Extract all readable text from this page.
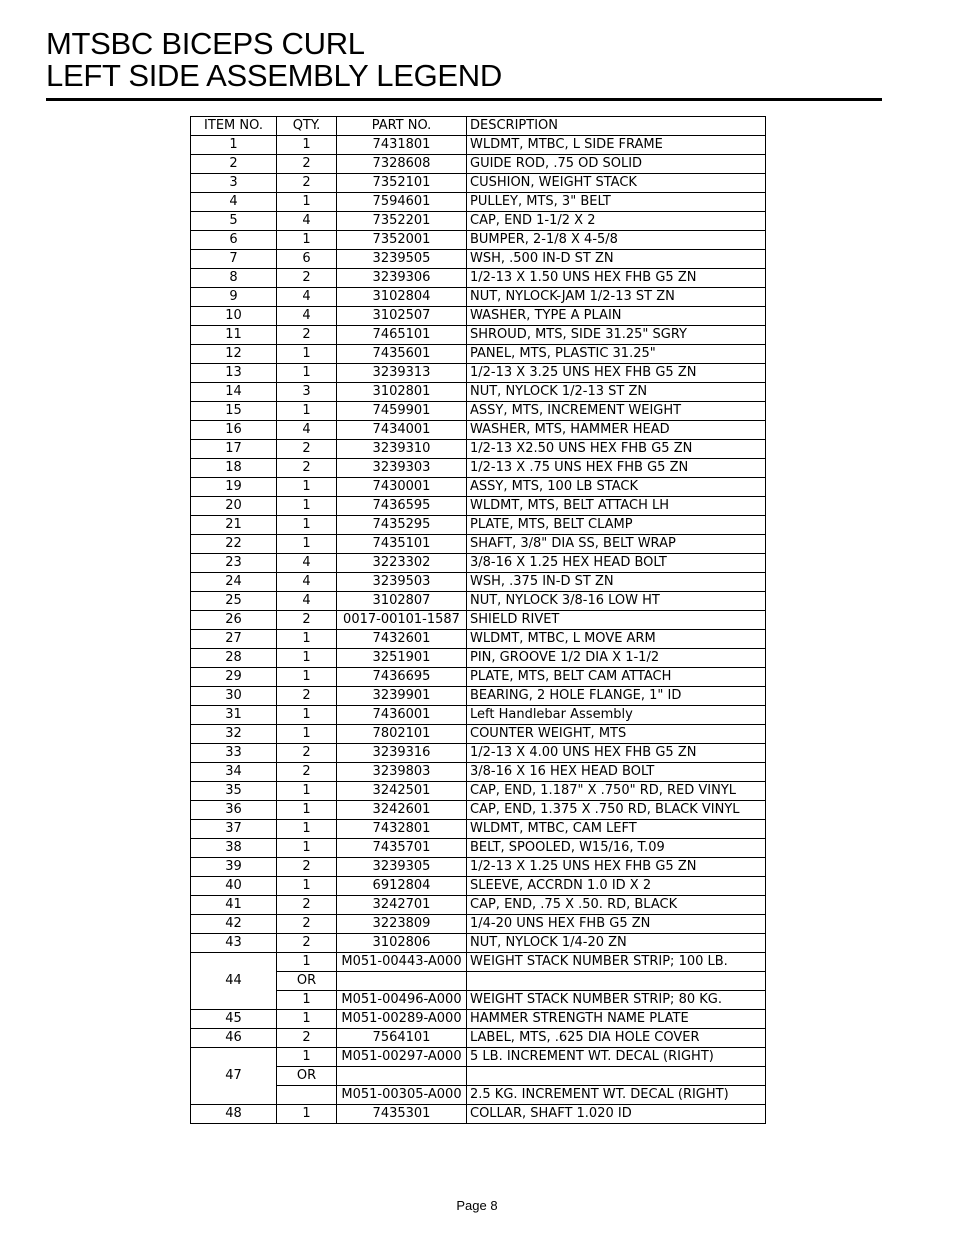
MTSBC BICEPS CURL
LEFT SIDE ASSEMBLY LEGEND
ITEM NO.	QTY.	PART NO.	DESCRIPTION
1	1	7431801	WLDMT, MTBC, L SIDE FRAME
2	2	7328608	GUIDE ROD, .75 OD SOLID
3	2	7352101	CUSHION, WEIGHT STACK
4	1	7594601	PULLEY, MTS, 3" BELT
5	4	7352201	CAP, END 1-1/2 X 2
6	1	7352001	BUMPER, 2-1/8 X 4-5/8
7	6	3239505	WSH, .500 IN-D ST ZN
8	2	3239306	1/2-13 X 1.50 UNS HEX FHB G5 ZN
9	4	3102804	NUT, NYLOCK-JAM 1/2-13 ST ZN
10	4	3102507	WASHER, TYPE A PLAIN
11	2	7465101	SHROUD, MTS, SIDE 31.25" SGRY
12	1	7435601	PANEL, MTS, PLASTIC 31.25"
13	1	3239313	1/2-13 X 3.25 UNS HEX FHB G5 ZN
14	3	3102801	NUT, NYLOCK 1/2-13 ST ZN
15	1	7459901	ASSY, MTS, INCREMENT WEIGHT
16	4	7434001	WASHER, MTS, HAMMER HEAD
17	2	3239310	1/2-13 X2.50 UNS HEX FHB G5 ZN
18	2	3239303	1/2-13 X .75 UNS HEX FHB G5 ZN
19	1	7430001	ASSY, MTS, 100 LB STACK
20	1	7436595	WLDMT, MTS, BELT ATTACH LH
21	1	7435295	PLATE, MTS, BELT CLAMP
22	1	7435101	SHAFT, 3/8" DIA SS, BELT WRAP
23	4	3223302	3/8-16 X 1.25 HEX HEAD BOLT
24	4	3239503	WSH, .375 IN-D ST ZN
25	4	3102807	NUT, NYLOCK 3/8-16 LOW HT
26	2	0017-00101-1587	SHIELD RIVET
27	1	7432601	WLDMT, MTBC, L MOVE ARM
28	1	3251901	PIN, GROOVE 1/2 DIA X 1-1/2
29	1	7436695	PLATE, MTS, BELT CAM ATTACH
30	2	3239901	BEARING, 2 HOLE FLANGE, 1" ID
31	1	7436001	Left Handlebar Assembly
32	1	7802101	COUNTER WEIGHT, MTS
33	2	3239316	1/2-13 X 4.00 UNS HEX FHB G5 ZN
34	2	3239803	3/8-16 X 16 HEX HEAD BOLT
35	1	3242501	CAP, END, 1.187" X .750" RD, RED VINYL
36	1	3242601	CAP, END, 1.375 X .750 RD, BLACK VINYL
37	1	7432801	WLDMT, MTBC, CAM LEFT
38	1	7435701	BELT, SPOOLED, W15/16, T.09
39	2	3239305	1/2-13 X 1.25 UNS HEX FHB G5 ZN
40	1	6912804	SLEEVE, ACCRDN 1.0 ID X 2
41	2	3242701	CAP, END, .75 X .50. RD, BLACK
42	2	3223809	1/4-20 UNS HEX FHB G5 ZN
43	2	3102806	NUT, NYLOCK 1/4-20 ZN
44	1	M051-00443-A000	WEIGHT STACK NUMBER STRIP; 100 LB.
	OR		
	1	M051-00496-A000	WEIGHT STACK NUMBER STRIP; 80 KG.
45	1	M051-00289-A000	HAMMER STRENGTH NAME PLATE
46	2	7564101	LABEL, MTS, .625 DIA HOLE COVER
47	1	M051-00297-A000	5 LB. INCREMENT WT. DECAL (RIGHT)
	OR		
		M051-00305-A000	2.5 KG. INCREMENT WT. DECAL (RIGHT)
48	1	7435301	COLLAR, SHAFT 1.020 ID
Page 8
